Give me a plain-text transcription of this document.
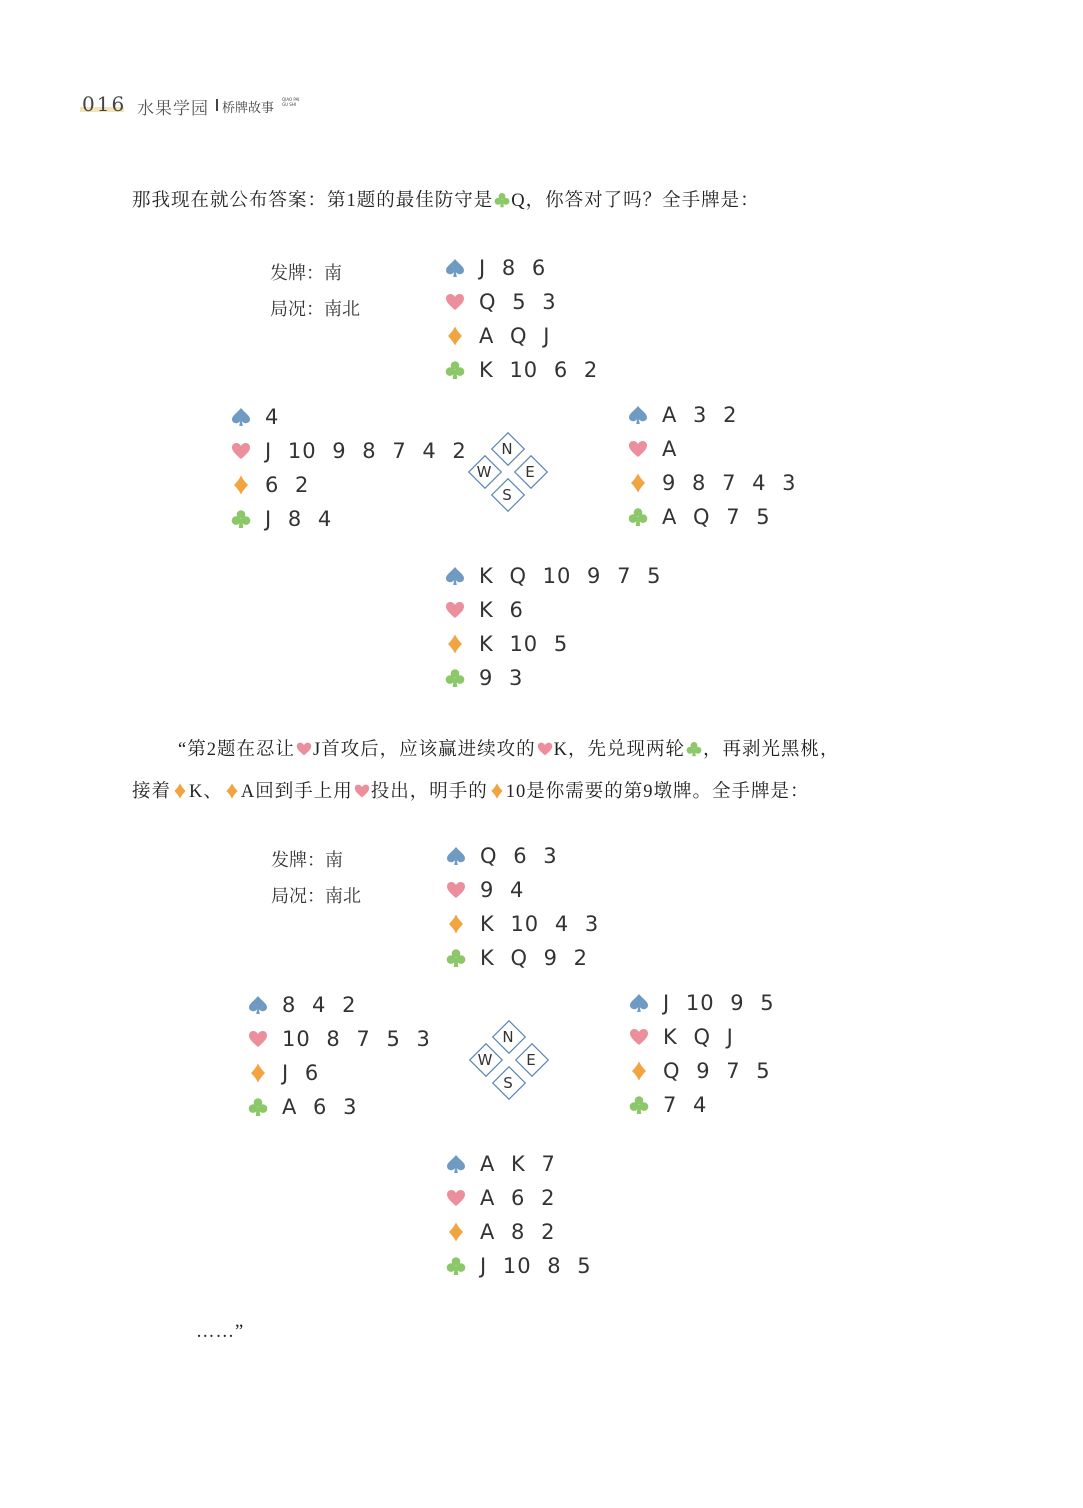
016 水果学园 桥牌故事
QIAO PAI
GU SHI
那我现在就公布答案：第1题的最佳防守是 Q，你答对了吗？全手牌是：
发牌：南
局况：南北
J 8 6
Q 5 3
A Q J
K 10 6 2
4
J 10 9 8 7 4 2
6 2
J 8 4
N
W E
S
A 3 2
A
9 8 7 4 3
A Q 7 5
K Q 10 9 7 5
K 6
K 10 5
9 3
“第2题在忍让 J首攻后，应该赢进续攻的 K，先兑现两轮 ，再剥光黑桃，
接着 K、 A回到手上用 投出，明手的 10是你需要的第9墩牌。全手牌是：
发牌：南
局况：南北
Q 6 3
9 4
K 10 4 3
K Q 9 2
8 4 2
10 8 7 5 3
J 6
A 6 3
N
W E
S
J 10 9 5
K Q J
Q 9 7 5
7 4
A K 7
A 6 2
A 8 2
J 10 8 5
……”
